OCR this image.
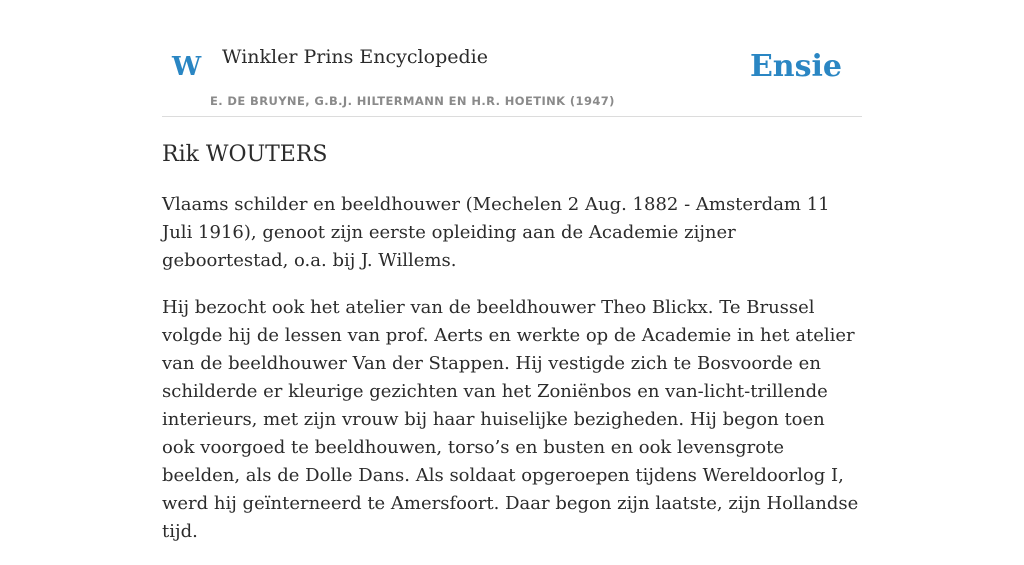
W Winkler Prins Encyclopedie
E. DE BRUYNE, G.B.J. HILTERMANN EN H.R. HOETINK (1947)
Ensie
Rik WOUTERS

Vlaams schilder en beeldhouwer (Mechelen 2 Aug. 1882 - Amsterdam 11 Juli 1916), genoot zijn eerste opleiding aan de Academie zijner geboortestad, o.a. bij J. Willems.

Hij bezocht ook het atelier van de beeldhouwer Theo Blickx. Te Brussel volgde hij de lessen van prof. Aerts en werkte op de Academie in het atelier van de beeldhouwer Van der Stappen. Hij vestigde zich te Bosvoorde en schilderde er kleurige gezichten van het Zoniënbos en van-licht-trillende interieurs, met zijn vrouw bij haar huiselijke bezigheden. Hij begon toen ook voorgoed te beeldhouwen, torso’s en busten en ook levensgrote beelden, als de Dolle Dans. Als soldaat opgeroepen tijdens Wereldoorlog I, werd hij geïnterneerd te Amersfoort. Daar begon zijn laatste, zijn Hollandse tijd.
